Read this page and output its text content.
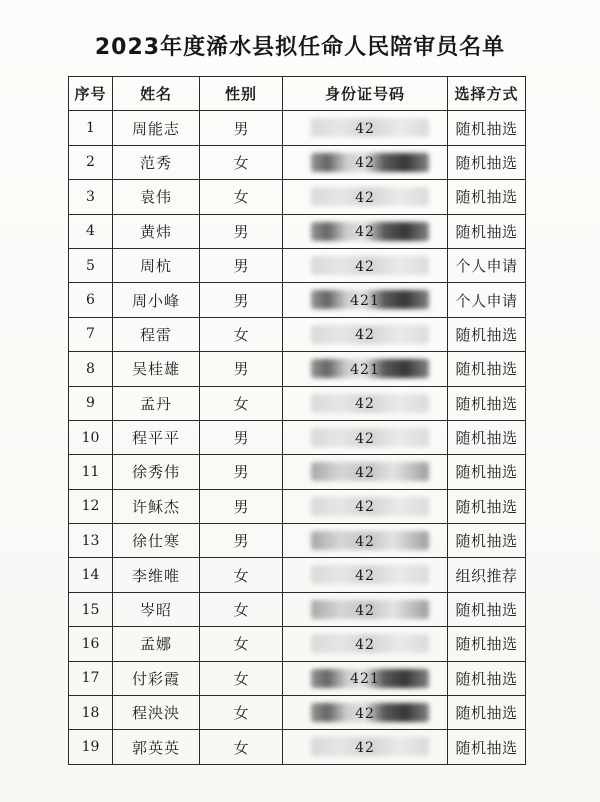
2023年度浠水县拟任命人民陪审员名单
序号	姓名	性别	身份证号码	选择方式
1	周能志	男	42	随机抽选
2	范秀	女	42	随机抽选
3	袁伟	女	42	随机抽选
4	黄炜	男	42	随机抽选
5	周杭	男	42	个人申请
6	周小峰	男	421	个人申请
7	程雷	女	42	随机抽选
8	吴桂雄	男	421	随机抽选
9	孟丹	女	42	随机抽选
10	程平平	男	42	随机抽选
11	徐秀伟	男	42	随机抽选
12	许稣杰	男	42	随机抽选
13	徐仕寒	男	42	随机抽选
14	李维唯	女	42	组织推荐
15	岑昭	女	42	随机抽选
16	孟娜	女	42	随机抽选
17	付彩霞	女	421	随机抽选
18	程泱泱	女	42	随机抽选
19	郭英英	女	42	随机抽选
